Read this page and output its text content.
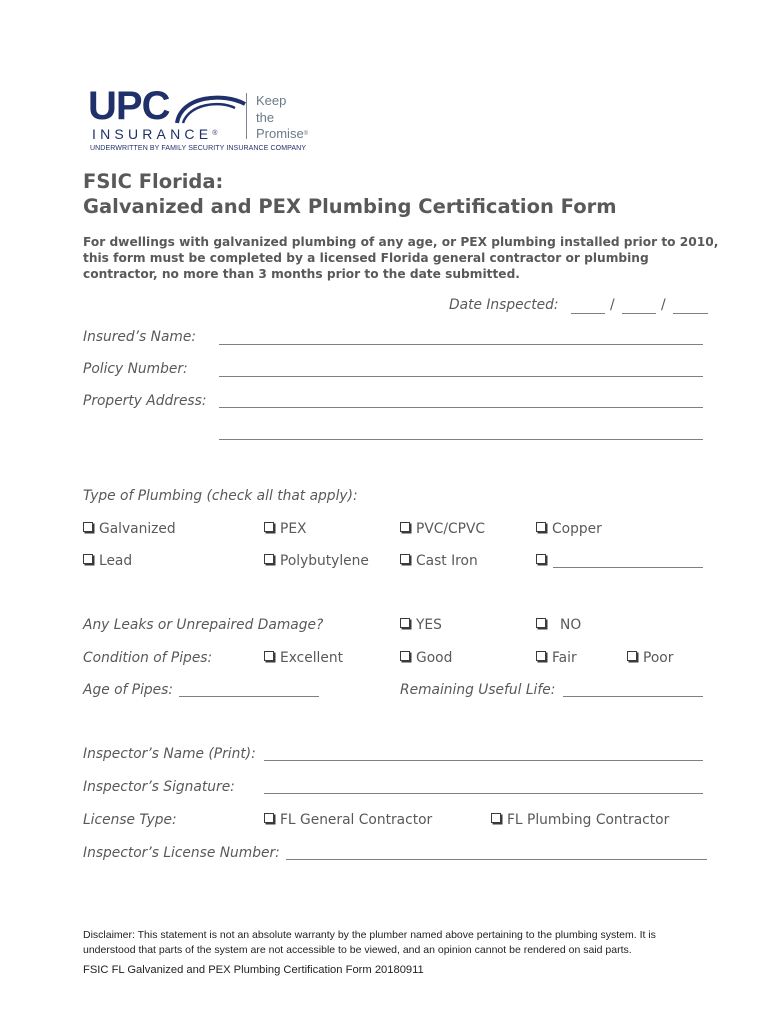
UPC
INSURANCE®
UNDERWRITTEN BY FAMILY SECURITY INSURANCE COMPANY
Keep
the
Promise®
FSIC Florida:
Galvanized and PEX Plumbing Certification Form
For dwellings with galvanized plumbing of any age, or PEX plumbing installed prior to 2010, this form must be completed by a licensed Florida general contractor or plumbing contractor, no more than 3 months prior to the date submitted.
Date Inspected:	/	/
Insured’s Name:
Policy Number:
Property Address:
Type of Plumbing (check all that apply):
Galvanized	PEX	PVC/CPVC	Copper
Lead	Polybutylene	Cast Iron
Any Leaks or Unrepaired Damage?	YES	NO
Condition of Pipes:	Excellent	Good	Fair	Poor
Age of Pipes:	Remaining Useful Life:
Inspector’s Name (Print):
Inspector’s Signature:
License Type:	FL General Contractor	FL Plumbing Contractor
Inspector’s License Number:
Disclaimer: This statement is not an absolute warranty by the plumber named above pertaining to the plumbing system. It is understood that parts of the system are not accessible to be viewed, and an opinion cannot be rendered on said parts.
FSIC FL Galvanized and PEX Plumbing Certification Form 20180911
